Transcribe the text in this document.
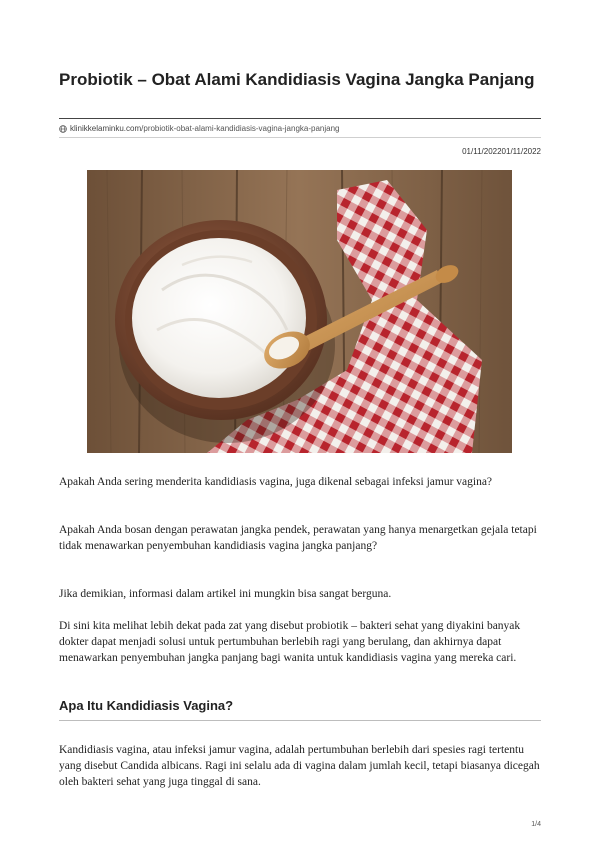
Probiotik – Obat Alami Kandidiasis Vagina Jangka Panjang
klinikkelaminku.com/probiotik-obat-alami-kandidiasis-vagina-jangka-panjang
01/11/202201/11/2022

Apakah Anda sering menderita kandidiasis vagina, juga dikenal sebagai infeksi jamur vagina?

Apakah Anda bosan dengan perawatan jangka pendek, perawatan yang hanya menargetkan gejala tetapi tidak menawarkan penyembuhan kandidiasis vagina jangka panjang?

Jika demikian, informasi dalam artikel ini mungkin bisa sangat berguna.

Di sini kita melihat lebih dekat pada zat yang disebut probiotik – bakteri sehat yang diyakini banyak dokter dapat menjadi solusi untuk pertumbuhan berlebih ragi yang berulang, dan akhirnya dapat menawarkan penyembuhan jangka panjang bagi wanita untuk kandidiasis vagina yang mereka cari.

Apa Itu Kandidiasis Vagina?

Kandidiasis vagina, atau infeksi jamur vagina, adalah pertumbuhan berlebih dari spesies ragi tertentu yang disebut Candida albicans. Ragi ini selalu ada di vagina dalam jumlah kecil, tetapi biasanya dicegah oleh bakteri sehat yang juga tinggal di sana.

1/4
